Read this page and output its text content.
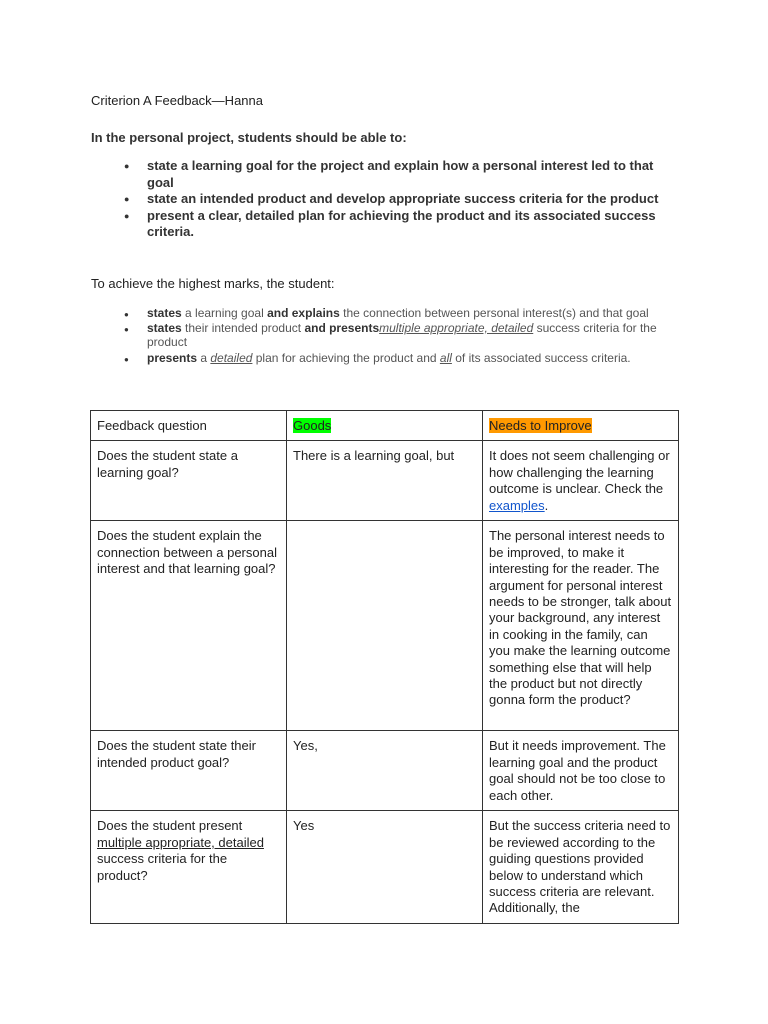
Criterion A Feedback—Hanna
In the personal project, students should be able to:
● state a learning goal for the project and explain how a personal interest led to that goal
● state an intended product and develop appropriate success criteria for the product
● present a clear, detailed plan for achieving the product and its associated success criteria.
To achieve the highest marks, the student:
● states a learning goal and explains the connection between personal interest(s) and that goal
● states their intended product and presentsmultiple appropriate, detailed success criteria for the product
● presents a detailed plan for achieving the product and all of its associated success criteria.
Feedback question	Goods	Needs to Improve
Does the student state a learning goal?	There is a learning goal, but	It does not seem challenging or how challenging the learning outcome is unclear. Check the examples.
Does the student explain the connection between a personal interest and that learning goal?		The personal interest needs to be improved, to make it interesting for the reader. The argument for personal interest needs to be stronger, talk about your background, any interest in cooking in the family, can you make the learning outcome something else that will help the product but not directly gonna form the product?
Does the student state their intended product goal?	Yes,	But it needs improvement. The learning goal and the product goal should not be too close to each other.
Does the student present multiple appropriate, detailed success criteria for the product?	Yes	But the success criteria need to be reviewed according to the guiding questions provided below to understand which success criteria are relevant. Additionally, the
